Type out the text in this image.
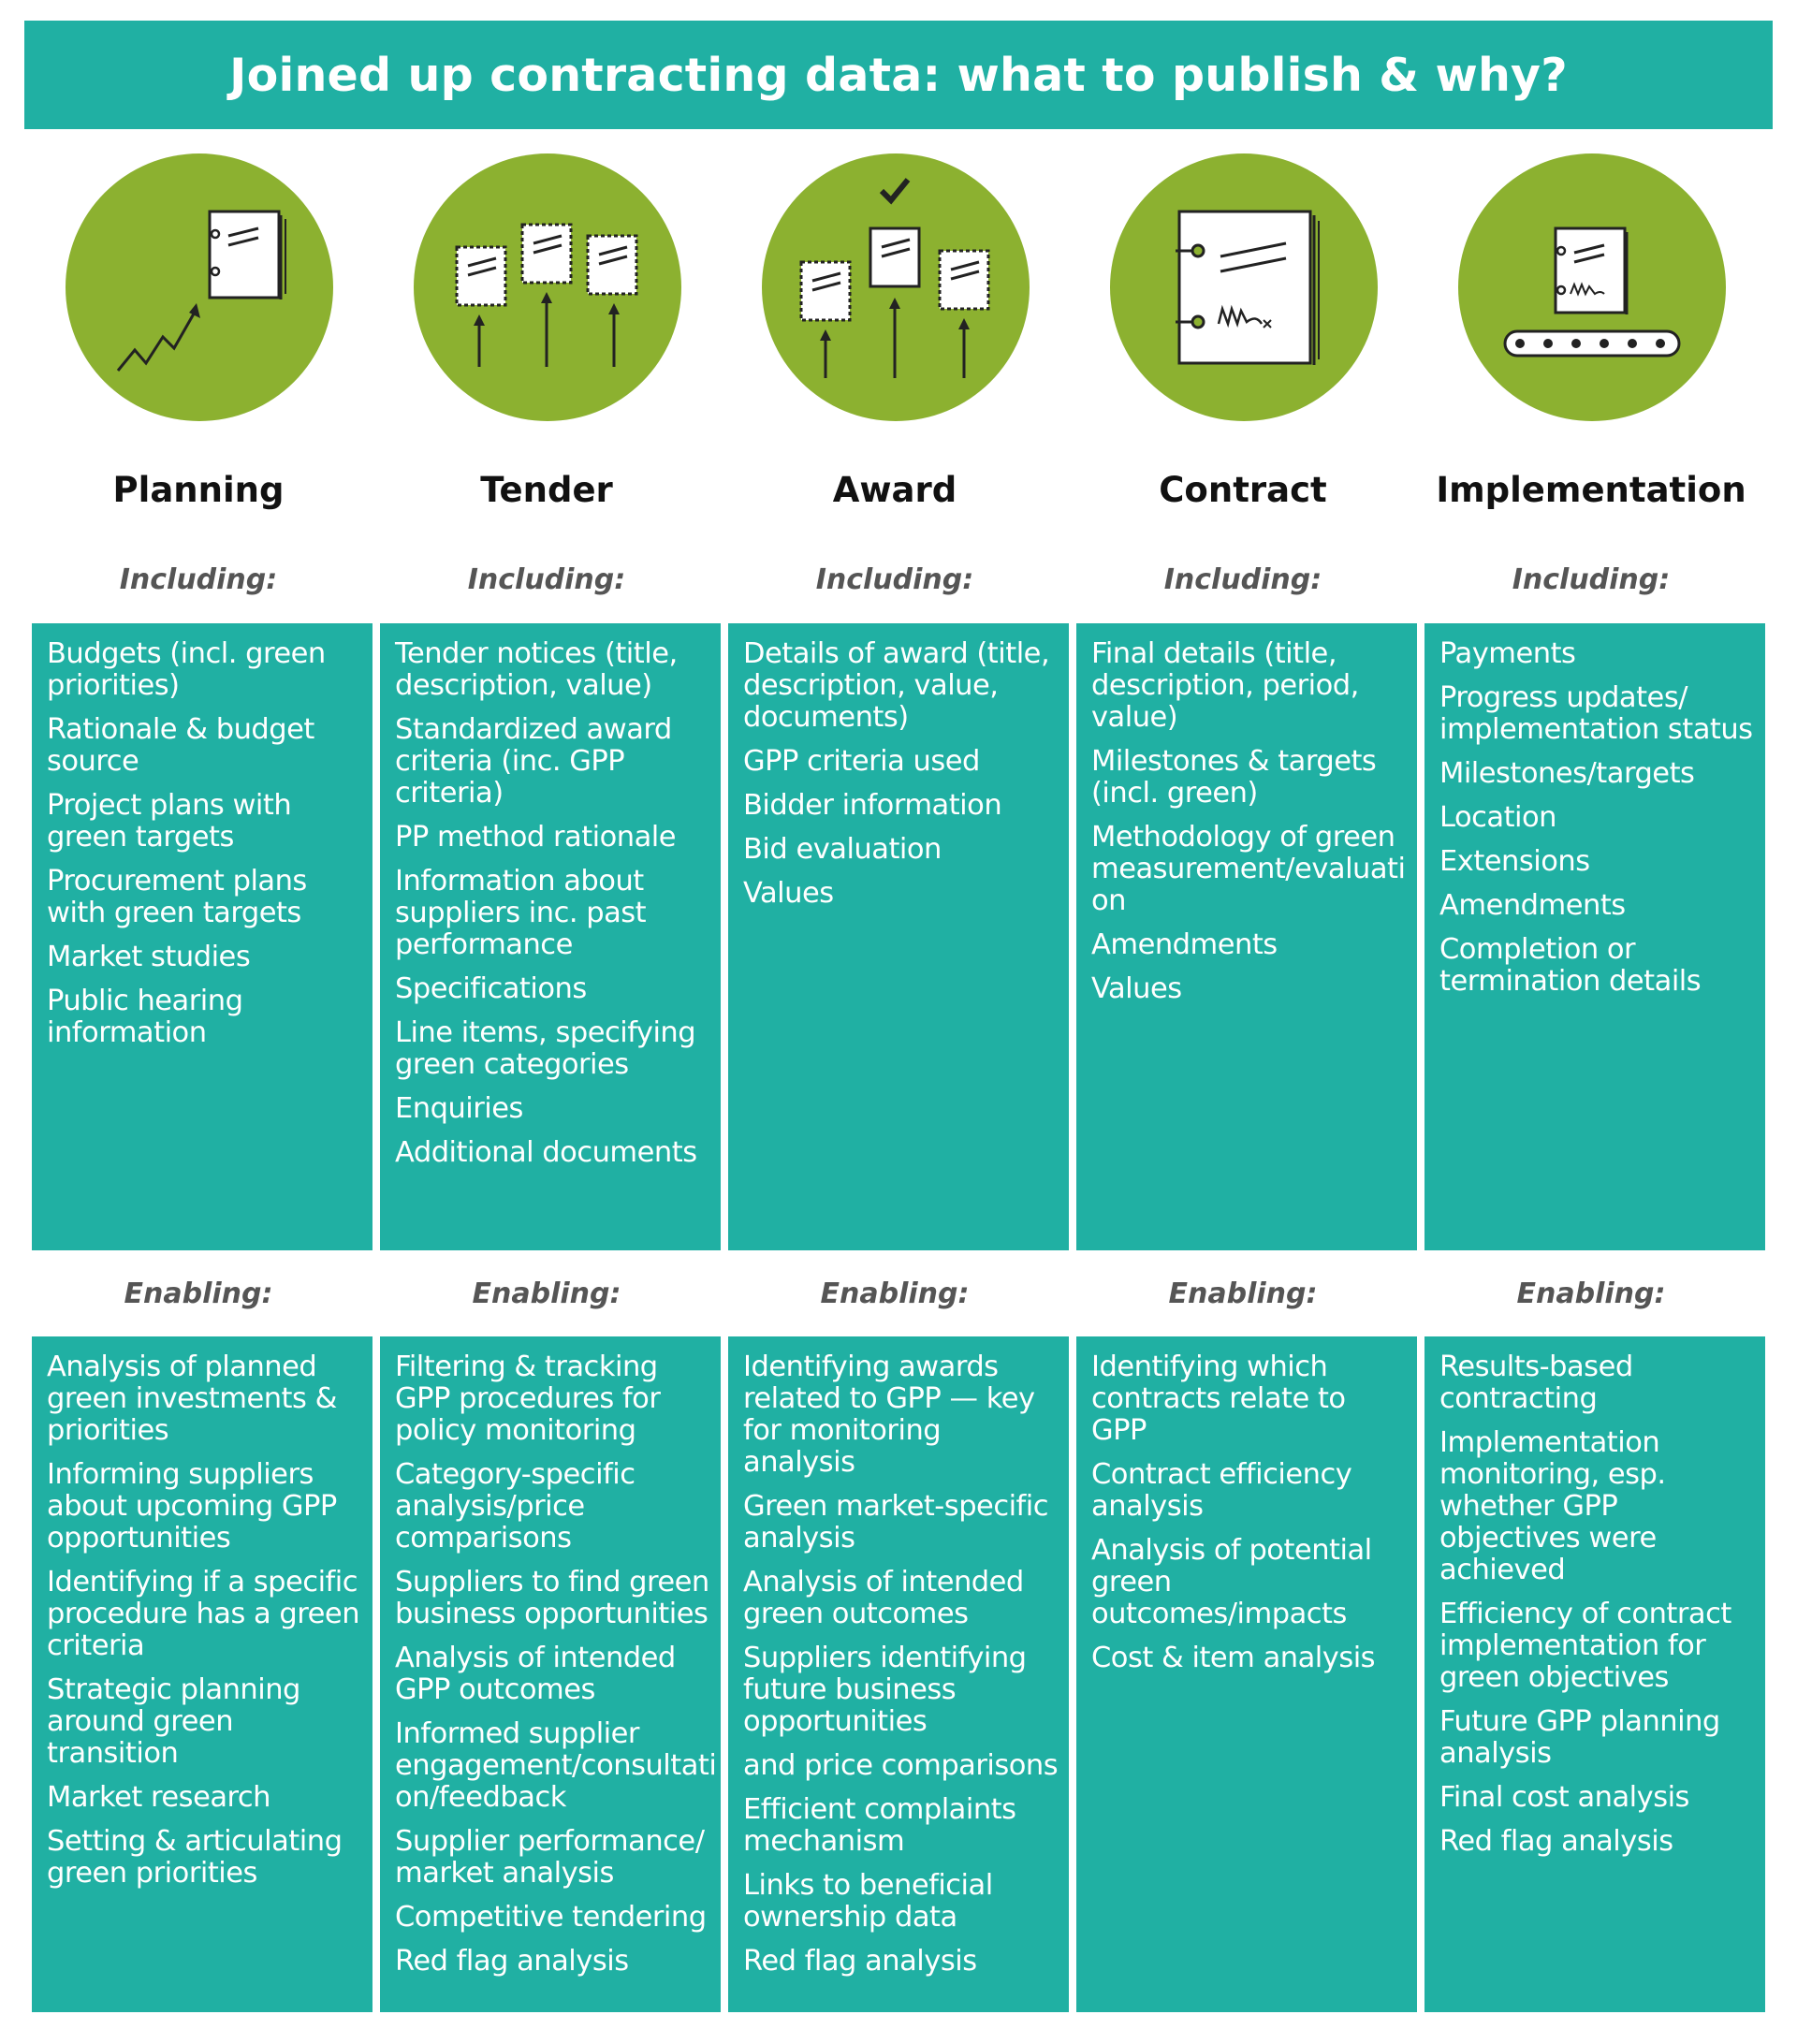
Joined up contracting data: what to publish & why?
Planning
Including:
Budgets (incl. green priorities)
Rationale & budget source
Project plans with green targets
Procurement plans with green targets
Market studies
Public hearing information
Enabling:
Analysis of planned green investments & priorities
Informing suppliers about upcoming GPP opportunities
Identifying if a specific procedure has a green criteria
Strategic planning around green transition
Market research
Setting & articulating green priorities
Tender
Including:
Tender notices (title, description, value)
Standardized award criteria (inc. GPP criteria)
PP method rationale
Information about suppliers inc. past performance
Specifications
Line items, specifying green categories
Enquiries
Additional documents
Enabling:
Filtering & tracking GPP procedures for policy monitoring
Category-specific analysis/price comparisons
Suppliers to find green business opportunities
Analysis of intended GPP outcomes
Informed supplier engagement/consultati on/feedback
Supplier performance/ market analysis
Competitive tendering
Red flag analysis
Award
Including:
Details of award (title, description, value, documents)
GPP criteria used
Bidder information
Bid evaluation
Values
Enabling:
Identifying awards related to GPP — key for monitoring analysis
Green market-specific analysis
Analysis of intended green outcomes
Suppliers identifying future business opportunities
and price comparisons
Efficient complaints mechanism
Links to beneficial ownership data
Red flag analysis
Contract
Including:
Final details (title, description, period, value)
Milestones & targets (incl. green)
Methodology of green measurement/evaluati on
Amendments
Values
Enabling:
Identifying which contracts relate to GPP
Contract efficiency analysis
Analysis of potential green outcomes/impacts
Cost & item analysis
Implementation
Including:
Payments
Progress updates/ implementation status
Milestones/targets
Location
Extensions
Amendments
Completion or termination details
Enabling:
Results-based contracting
Implementation monitoring, esp. whether GPP objectives were achieved
Efficiency of contract implementation for green objectives
Future GPP planning analysis
Final cost analysis
Red flag analysis
